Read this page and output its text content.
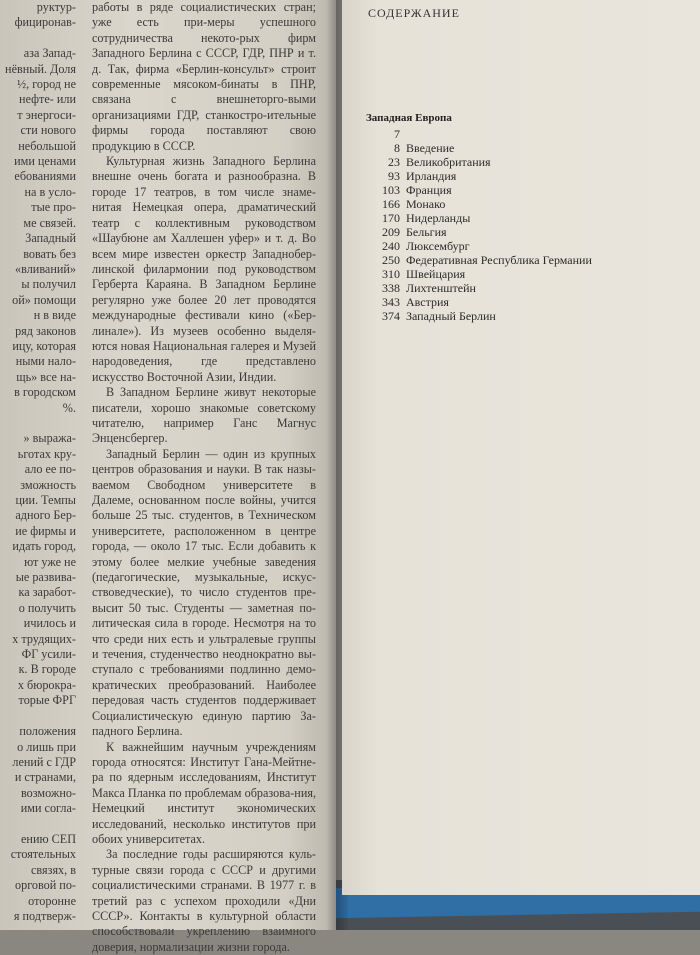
руктур-
фициронав-

аза Запад-
нёвный. Доля
½, город не
нефте- или
т энергоси-
сти нового
небольшой
ими ценами
ебованиями
на в усло-
тые про-
ме связей.
Западный
вовать без
«вливаний»
ы получил
ой» помощи
н в виде
ряд законов
ицу, которая
ными нало-
щь» все на-
в городском
%.

» выража-
ьготах кру-
ало ее по-
зможность
ции. Темпы
адного Бер-
ие фирмы и
идать город,
ют уже не
ые развива-
ка заработ-
о получить
ичилось и
х трудящих-
ФГ усили-
к. В городе
х бюрокра-
торые ФРГ

положения
о лишь при
лений с ГДР
и странами,
возможно-
ими согла-

ению СЕП
стоятельных
связях, в
орговой по-
оторонне
я подтверж-

работы в ряде социалистических стран; уже есть при-меры успешного сотрудничества некото-рых фирм Западного Берлина с СССР, ГДР, ПНР и т. д. Так, фирма «Берлин-консульт» строит современные мясоком-бинаты в ПНР, связана с внешнеторго-выми организациями ГДР, станкостро-ительные фирмы города поставляют свою продукцию в СССР.

Культурная жизнь Западного Берлина внешне очень богата и разнообразна. В городе 17 театров, в том числе знаме-нитая Немецкая опера, драматический театр с коллективным руководством «Шаубюне ам Халлешен уфер» и т. д. Во всем мире известен оркестр Западнобер-линской филармонии под руководством Герберта Караяна. В Западном Берлине регулярно уже более 20 лет проводятся международные фестивали кино («Бер-линале»). Из музеев особенно выделя-ются новая Национальная галерея и Музей народоведения, где представлено искусство Восточной Азии, Индии.

В Западном Берлине живут некоторые писатели, хорошо знакомые советскому читателю, например Ганс Магнус Энценсбергер.

Западный Берлин — один из крупных центров образования и науки. В так назы-ваемом Свободном университете в Далеме, основанном после войны, учится больше 25 тыс. студентов, в Техническом университете, расположенном в центре города, — около 17 тыс. Если добавить к этому более мелкие учебные заведения (педагогические, музыкальные, искус-ствоведческие), то число студентов пре-высит 50 тыс. Студенты — заметная по-литическая сила в городе. Несмотря на то что среди них есть и ультралевые группы и течения, студенчество неоднократно вы-ступало с требованиями подлинно демо-кратических преобразований. Наиболее передовая часть студентов поддерживает Социалистическую единую партию За-падного Берлина.

К важнейшим научным учреждениям города относятся: Институт Гана-Мейтне-ра по ядерным исследованиям, Институт Макса Планка по проблемам образова-ния, Немецкий институт экономических исследований, несколько институтов при обоих университетах.

За последние годы расширяются куль-турные связи города с СССР и другими социалистическими странами. В 1977 г. в третий раз с успехом проходили «Дни СССР». Контакты в культурной области способствовали укреплению взаимного доверия, нормализации жизни города.

СОДЕРЖАНИЕ
Западная Европа
7
8 Введение
23 Великобритания
93 Ирландия
103 Франция
166 Монако
170 Нидерланды
209 Бельгия
240 Люксембург
250 Федеративная Республика Германии
310 Швейцария
338 Лихтенштейн
343 Австрия
374 Западный Берлин
